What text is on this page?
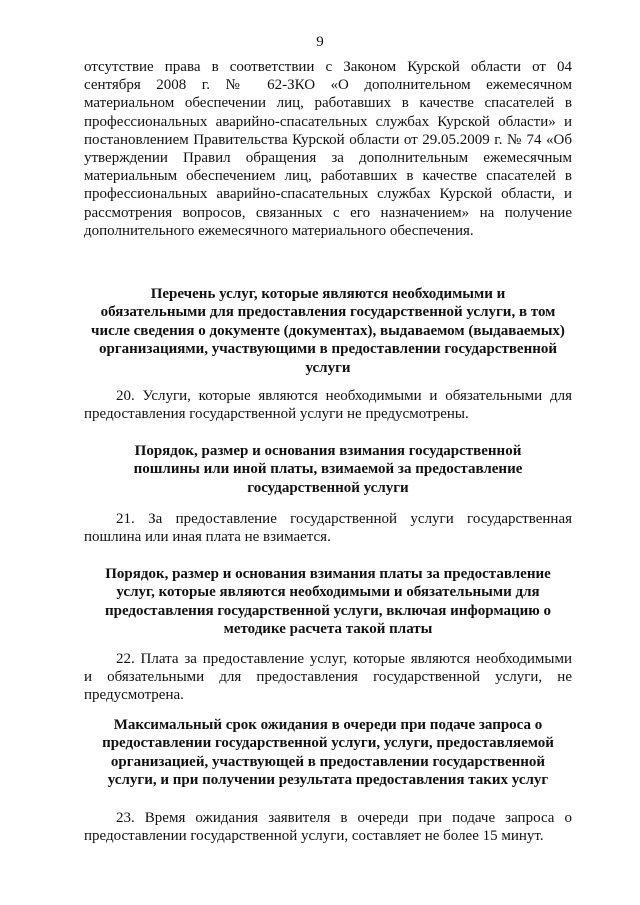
9
отсутствие права в соответствии с Законом Курской области от 04
сентября 2008 г. № 62-ЗКО «О дополнительном ежемесячном
материальном обеспечении лиц, работавших в качестве спасателей в
профессиональных аварийно-спасательных службах Курской области» и
постановлением Правительства Курской области от 29.05.2009 г. № 74 «Об
утверждении Правил обращения за дополнительным ежемесячным
материальным обеспечением лиц, работавших в качестве спасателей в
профессиональных аварийно-спасательных службах Курской области, и
рассмотрения вопросов, связанных с его назначением» на получение
дополнительного ежемесячного материального обеспечения.
Перечень услуг, которые являются необходимыми и
обязательными для предоставления государственной услуги, в том
числе сведения о документе (документах), выдаваемом (выдаваемых)
организациями, участвующими в предоставлении государственной
услуги
20. Услуги, которые являются необходимыми и обязательными для
предоставления государственной услуги не предусмотрены.
Порядок, размер и основания взимания государственной
пошлины или иной платы, взимаемой за предоставление
государственной услуги
21. За предоставление государственной услуги государственная
пошлина или иная плата не взимается.
Порядок, размер и основания взимания платы за предоставление
услуг, которые являются необходимыми и обязательными для
предоставления государственной услуги, включая информацию о
методике расчета такой платы
22. Плата за предоставление услуг, которые являются необходимыми
и обязательными для предоставления государственной услуги, не
предусмотрена.
Максимальный срок ожидания в очереди при подаче запроса о
предоставлении государственной услуги, услуги, предоставляемой
организацией, участвующей в предоставлении государственной
услуги, и при получении результата предоставления таких услуг
23. Время ожидания заявителя в очереди при подаче запроса о
предоставлении государственной услуги, составляет не более 15 минут.
